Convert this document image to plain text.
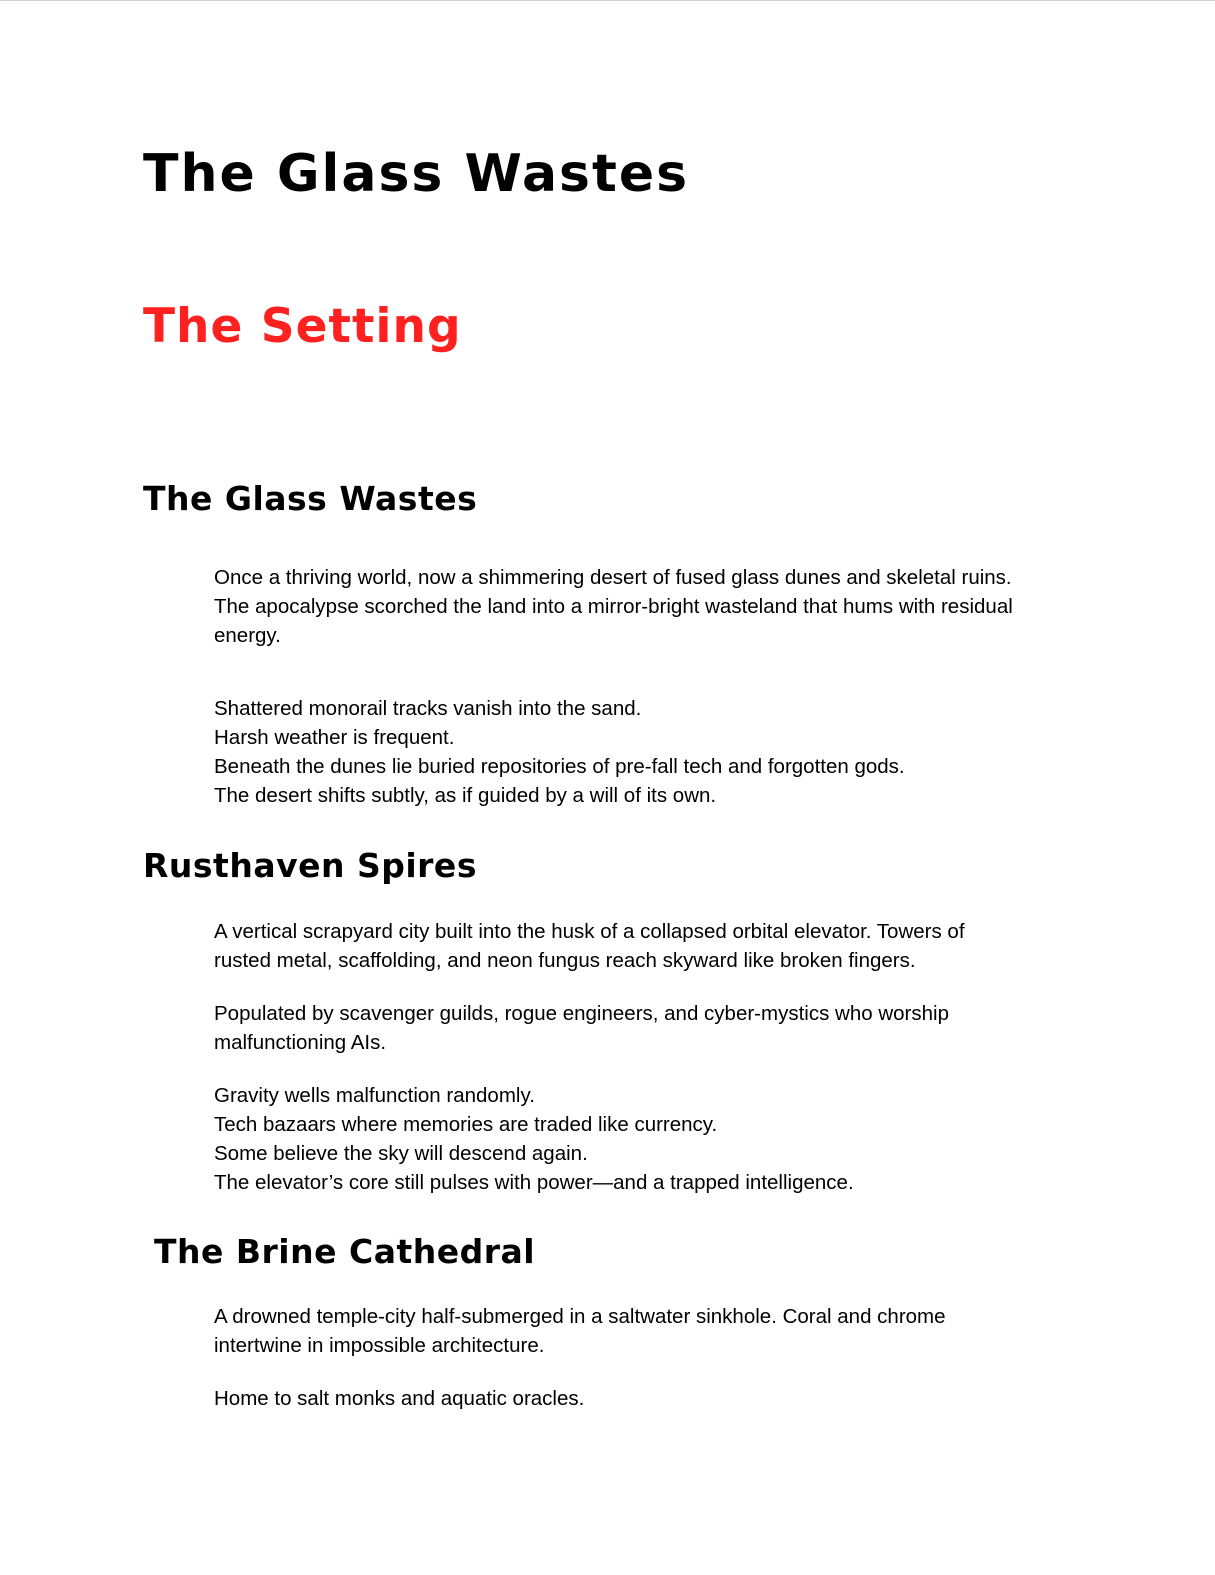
The Glass Wastes
The Setting
The Glass Wastes

Once a thriving world, now a shimmering desert of fused glass dunes and skeletal ruins.
The apocalypse scorched the land into a mirror-bright wasteland that hums with residual
energy.

Shattered monorail tracks vanish into the sand.
Harsh weather is frequent.
Beneath the dunes lie buried repositories of pre-fall tech and forgotten gods.
The desert shifts subtly, as if guided by a will of its own.

Rusthaven Spires

A vertical scrapyard city built into the husk of a collapsed orbital elevator. Towers of
rusted metal, scaffolding, and neon fungus reach skyward like broken fingers.

Populated by scavenger guilds, rogue engineers, and cyber-mystics who worship
malfunctioning AIs.

Gravity wells malfunction randomly.
Tech bazaars where memories are traded like currency.
Some believe the sky will descend again.
The elevator’s core still pulses with power—and a trapped intelligence.

The Brine Cathedral

A drowned temple-city half-submerged in a saltwater sinkhole. Coral and chrome
intertwine in impossible architecture.

Home to salt monks and aquatic oracles.
